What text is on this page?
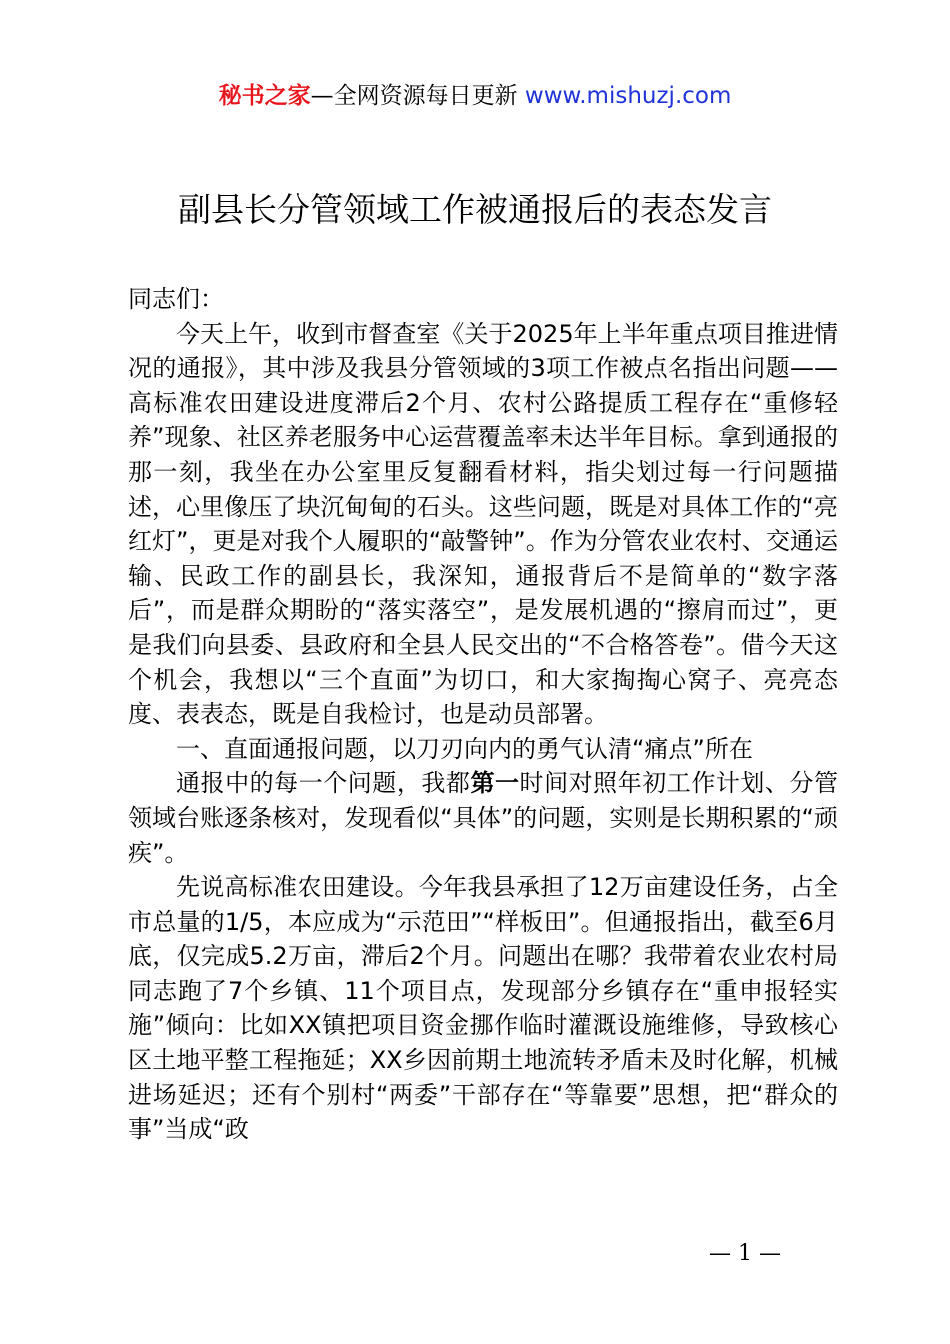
秘书之家—全网资源每日更新 www.mishuzj.com
副县长分管领域工作被通报后的表态发言

同志们：

今天上午，收到市督查室《关于2025年上半年重点项目推进情况的通报》，其中涉及我县分管领域的3项工作被点名指出问题——高标准农田建设进度滞后2个月、农村公路提质工程存在“重修轻养”现象、社区养老服务中心运营覆盖率未达半年目标。拿到通报的那一刻，我坐在办公室里反复翻看材料，指尖划过每一行问题描述，心里像压了块沉甸甸的石头。这些问题，既是对具体工作的“亮红灯”，更是对我个人履职的“敲警钟”。作为分管农业农村、交通运输、民政工作的副县长，我深知，通报背后不是简单的“数字落后”，而是群众期盼的“落实落空”，是发展机遇的“擦肩而过”，更是我们向县委、县政府和全县人民交出的“不合格答卷”。借今天这个机会，我想以“三个直面”为切口，和大家掏掏心窝子、亮亮态度、表表态，既是自我检讨，也是动员部署。

一、直面通报问题，以刀刃向内的勇气认清“痛点”所在

通报中的每一个问题，我都第一时间对照年初工作计划、分管领域台账逐条核对，发现看似“具体”的问题，实则是长期积累的“顽疾”。

先说高标准农田建设。今年我县承担了12万亩建设任务，占全市总量的1/5，本应成为“示范田”“样板田”。但通报指出，截至6月底，仅完成5.2万亩，滞后2个月。问题出在哪？我带着农业农村局同志跑了7个乡镇、11个项目点，发现部分乡镇存在“重申报轻实施”倾向：比如XX镇把项目资金挪作临时灌溉设施维修，导致核心区土地平整工程拖延；XX乡因前期土地流转矛盾未及时化解，机械进场延迟；还有个别村“两委”干部存在“等靠要”思想，把“群众的事”当成“政

— 1 —
